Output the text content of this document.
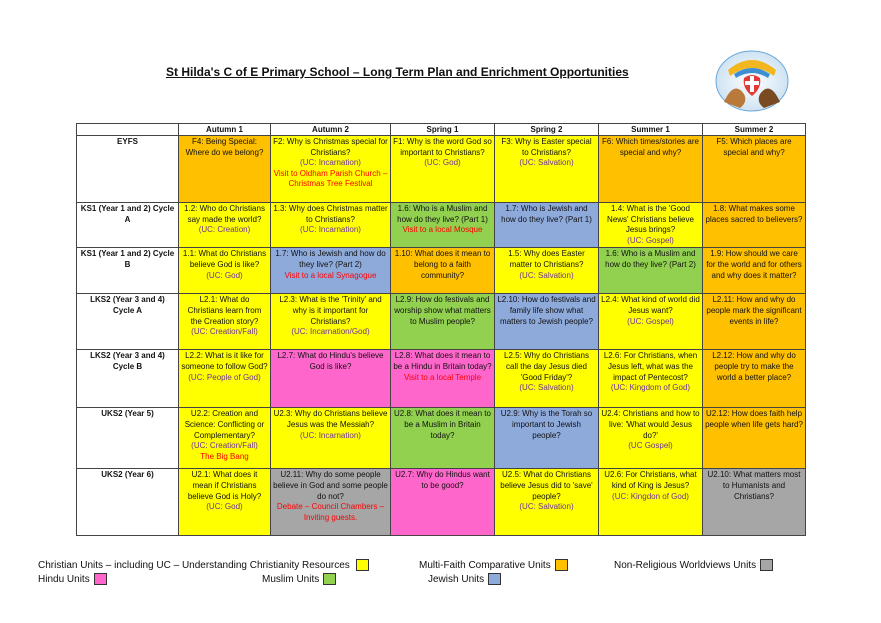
St Hilda's C of E Primary School – Long Term Plan and Enrichment Opportunities
	Autumn 1	Autumn 2	Spring 1	Spring 2	Summer 1	Summer 2
EYFS	F4: Being Special: Where do we belong?	F2: Why is Christmas special for Christians?
(UC: Incarnation)
Visit to Oldham Parish Church – Christmas Tree Festival	F1: Why is the word God so important to Christians?
(UC: God)	F3: Why is Easter special to Christians?
(UC: Salvation)	F6: Which times/stories are special and why?	F5: Which places are special and why?

KS1 (Year 1 and 2) Cycle A	1.2: Who do Christians say made the world?
(UC: Creation)	1.3: Why does Christmas matter to Christians?
(UC: Incarnation)	1.6: Who is a Muslim and how do they live? (Part 1)
Visit to a local Mosque	1.7: Who is Jewish and how do they live? (Part 1)	1.4: What is the 'Good News' Christians believe Jesus brings?
(UC: Gospel)	1.8: What makes some places sacred to believers?

KS1 (Year 1 and 2) Cycle B	1.1: What do Christians believe God is like?
(UC: God)	1.7: Who is Jewish and how do they live? (Part 2)
Visit to a local Synagogue	1.10: What does it mean to belong to a faith community?	1.5: Why does Easter matter to Christians?
(UC: Salvation)	1.6: Who is a Muslim and how do they live? (Part 2)	1.9: How should we care for the world and for others and why does it matter?

LKS2 (Year 3 and 4) Cycle A	L2.1: What do Christians learn from the Creation story?
(UC: Creation/Fall)	L2.3: What is the 'Trinity' and why is it important for Christians?
(UC: Incarnation/God)	L2.9: How do festivals and worship show what matters to Muslim people?	L2.10: How do festivals and family life show what matters to Jewish people?	L2.4: What kind of world did Jesus want?
(UC: Gospel)	L2.11: How and why do people mark the significant events in life?

LKS2 (Year 3 and 4) Cycle B	L2.2: What is it like for someone to follow God?
(UC: People of God)	L2.7: What do Hindu's believe God is like?	L2.8: What does it mean to be a Hindu in Britain today?
Visit to a local Temple	L2.5: Why do Christians call the day Jesus died 'Good Friday'?
(UC: Salvation)	L2.6: For Christians, when Jesus left, what was the impact of Pentecost?
(UC: Kingdom of God)	L2.12: How and why do people try to make the world a better place?

UKS2 (Year 5)	U2.2: Creation and Science: Conflicting or Complementary?
(UC: Creation/Fall)
The Big Bang	U2.3: Why do Christians believe Jesus was the Messiah?
(UC: Incarnation)	U2.8: What does it mean to be a Muslim in Britain today?	U2.9: Why is the Torah so important to Jewish people?	U2.4: Christians and how to live: 'What would Jesus do?'
(UC Gospel)	U2.12: How does faith help people when life gets hard?

UKS2 (Year 6)	U2.1: What does it mean if Christians believe God is Holy?
(UC: God)	U2.11: Why do some people believe in God and some people do not?
Debate – Council Chambers – Inviting guests.	U2.7: Why do Hindus want to be good?	U2.5: What do Christians believe Jesus did to 'save' people?
(UC: Salvation)	U2.6: For Christians, what kind of King is Jesus?
(UC: Kingdon of God)	U2.10: What matters most to Humanists and Christians?
Christian Units – including UC – Understanding Christianity Resources	Multi-Faith Comparative Units	Non-Religious Worldviews Units
Hindu Units	Muslim Units	Jewish Units
